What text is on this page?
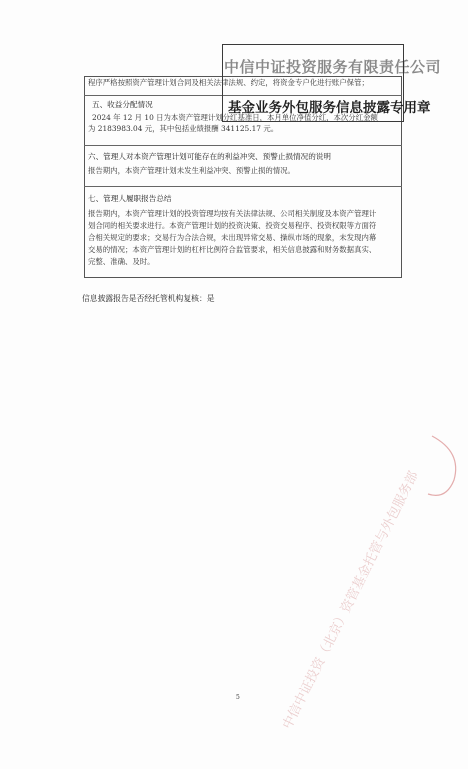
程序严格按照资产管理计划合同及相关法律法规、约定，将资金专户化进行账户保管；
五、收益分配情况
2024 年 12 月 10 日为本资产管理计划分红基准日，本月单位净值分红，本次分红金额
为 2183983.04 元，其中包括业绩报酬 341125.17 元。
六、管理人对本资产管理计划可能存在的利益冲突、预警止损情况的说明
报告期内，本资产管理计划未发生利益冲突、预警止损的情况。
七、管理人履职报告总结
报告期内，本资产管理计划的投资管理均按有关法律法规、公司相关制度及本资产管理计
划合同的相关要求进行。本资产管理计划的投资决策、投资交易程序、投资权限等方面符
合相关规定的要求；交易行为合法合规，未出现异常交易、操纵市场的现象，未发现内幕
交易的情况；本资产管理计划的杠杆比例符合监管要求，相关信息披露和财务数据真实、
完整、准确、及时。
信息披露报告是否经托管机构复核：是
中信中证投资服务有限责任公司
基金业务外包服务信息披露专用章
中信中证投资（北京）资管基金托管与外包服务部
5
